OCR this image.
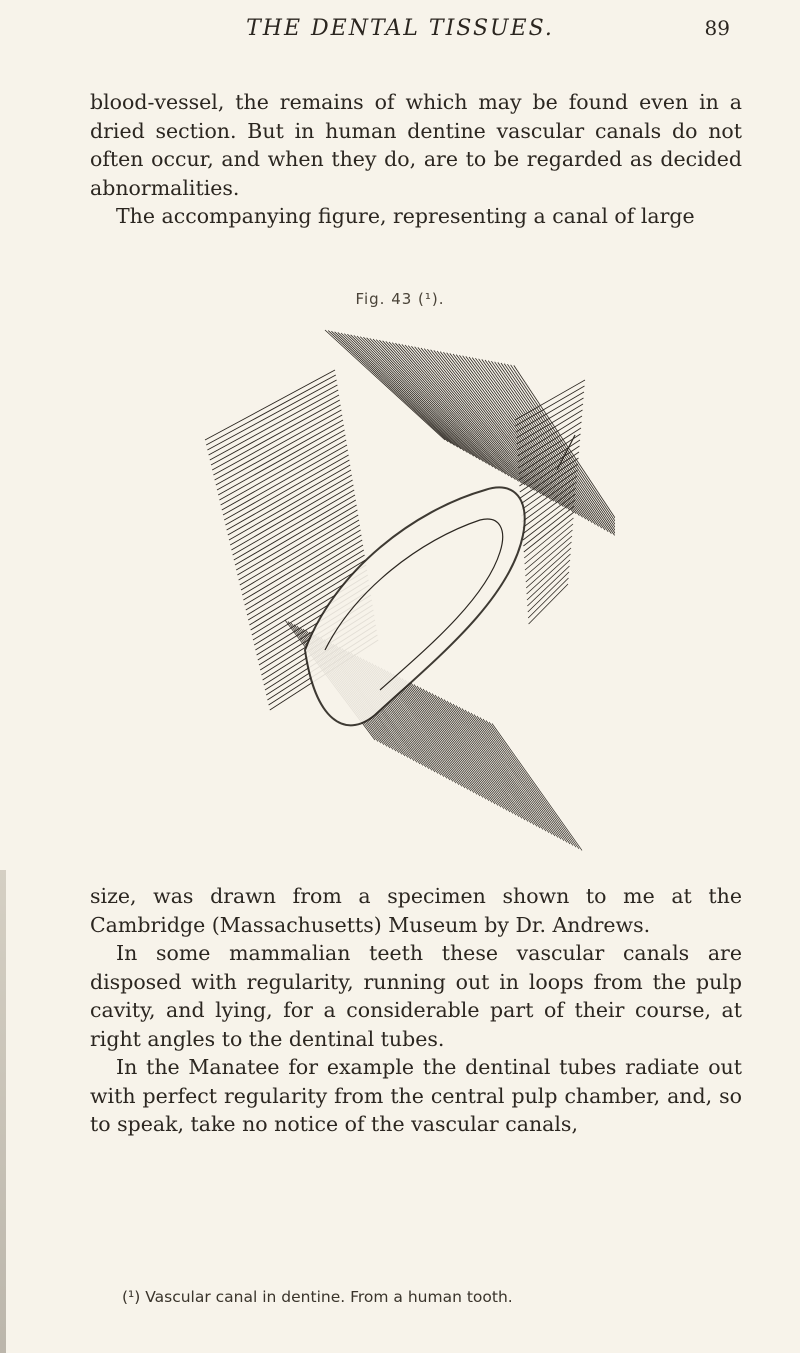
THE DENTAL TISSUES.	89

blood-vessel, the remains of which may be found even in a dried section. But in human dentine vascular canals do not often occur, and when they do, are to be regarded as decided abnormalities.

The accompanying figure, representing a canal of large

Fig. 43 (¹).

size, was drawn from a specimen shown to me at the Cambridge (Massachusetts) Museum by Dr. Andrews.

In some mammalian teeth these vascular canals are disposed with regularity, running out in loops from the pulp cavity, and lying, for a considerable part of their course, at right angles to the dentinal tubes.

In the Manatee for example the dentinal tubes radiate out with perfect regularity from the central pulp chamber, and, so to speak, take no notice of the vascular canals,

(¹) Vascular canal in dentine. From a human tooth.
